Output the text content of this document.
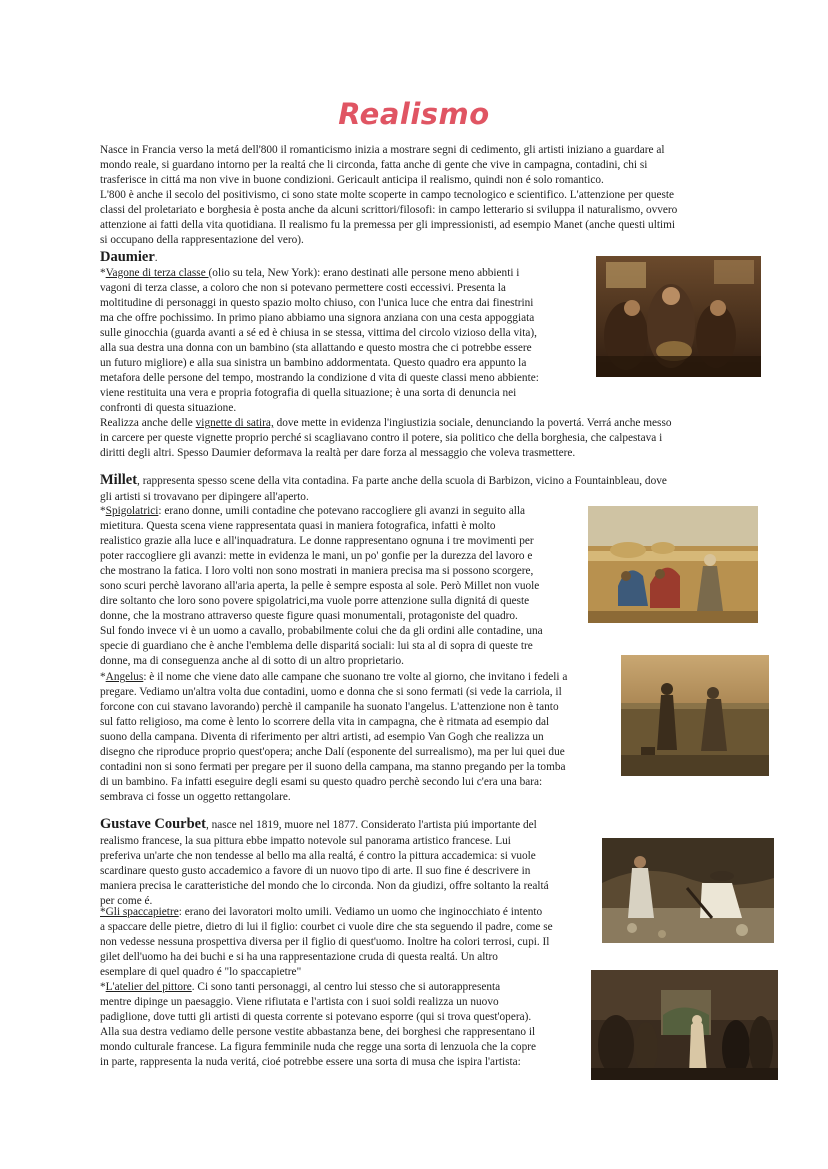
Realismo
Nasce in Francia verso la metá dell'800 il romanticismo inizia a mostrare segni di cedimento, gli artisti iniziano a guardare al
mondo reale, si guardano intorno per la realtá che li circonda, fatta anche di gente che vive in campagna, contadini, chi si
trasferisce in cittá ma non vive in buone condizioni. Gericault anticipa il realismo, quindi non é solo romantico.
L'800 è anche il secolo del positivismo, ci sono state molte scoperte in campo tecnologico e scientifico. L'attenzione per queste
classi del proletariato e borghesia è posta anche da alcuni scrittori/filosofi: in campo letterario si sviluppa il naturalismo, ovvero
attenzione ai fatti della vita quotidiana. Il realismo fu la premessa per gli impressionisti, ad esempio Manet (anche questi ultimi
si occupano della rappresentazione del vero).
Daumier.
*Vagone di terza classe (olio su tela, New York): erano destinati alle persone meno abbienti i
vagoni di terza classe, a coloro che non si potevano permettere costi eccessivi. Presenta la
moltitudine di personaggi in questo spazio molto chiuso, con l'unica luce che entra dai finestrini
ma che offre pochissimo. In primo piano abbiamo una signora anziana con una cesta appoggiata
sulle ginocchia (guarda avanti a sé ed è chiusa in se stessa, vittima del circolo vizioso della vita),
alla sua destra una donna con un bambino (sta allattando e questo mostra che ci potrebbe essere
un futuro migliore) e alla sua sinistra un bambino addormentata. Questo quadro era appunto la
metafora delle persone del tempo, mostrando la condizione d vita di queste classi meno abbiente:
viene restituita una vera e propria fotografia di quella situazione; è una sorta di denuncia nei
confronti di questa situazione.
Realizza anche delle vignette di satira, dove mette in evidenza l'ingiustizia sociale, denunciando la povertá. Verrá anche messo
in carcere per queste vignette proprio perché si scagliavano contro il potere, sia politico che della borghesia, che calpestava i
diritti degli altri. Spesso Daumier deformava la realtà per dare forza al messaggio che voleva trasmettere.
Millet, rappresenta spesso scene della vita contadina. Fa parte anche della scuola di Barbizon, vicino a Fountainbleau, dove
gli artisti si trovavano per dipingere all'aperto.
*Spigolatrici: erano donne, umili contadine che potevano raccogliere gli avanzi in seguito alla
mietitura. Questa scena viene rappresentata quasi in maniera fotografica, infatti è molto
realistico grazie alla luce e all'inquadratura. Le donne rappresentano ognuna i tre movimenti per
poter raccogliere gli avanzi: mette in evidenza le mani, un po' gonfie per la durezza del lavoro e
che mostrano la fatica. I loro volti non sono mostrati in maniera precisa ma si possono scorgere,
sono scuri perchè lavorano all'aria aperta, la pelle è sempre esposta al sole. Però Millet non vuole
dire soltanto che loro sono povere spigolatrici,ma vuole porre attenzione sulla dignitá di queste
donne, che la mostrano attraverso queste figure quasi monumentali, protagoniste del quadro.
Sul fondo invece vi è un uomo a cavallo, probabilmente colui che da gli ordini alle contadine, una
specie di guardiano che è anche l'emblema delle disparitá sociali: lui sta al di sopra di queste tre
donne, ma di conseguenza anche al di sotto di un altro proprietario.
*Angelus: è il nome che viene dato alle campane che suonano tre volte al giorno, che invitano i fedeli a
pregare. Vediamo un'altra volta due contadini, uomo e donna che si sono fermati (si vede la carriola, il
forcone con cui stavano lavorando) perchè il campanile ha suonato l'angelus. L'attenzione non è tanto
sul fatto religioso, ma come è lento lo scorrere della vita in campagna, che è ritmata ad esempio dal
suono della campana. Diventa di riferimento per altri artisti, ad esempio Van Gogh che realizza un
disegno che riproduce proprio quest'opera; anche Dalí (esponente del surrealismo), ma per lui quei due
contadini non si sono fermati per pregare per il suono della campana, ma stanno pregando per la tomba
di un bambino. Fa infatti eseguire degli esami su questo quadro perchè secondo lui c'era una bara:
sembrava ci fosse un oggetto rettangolare.
Gustave Courbet, nasce nel 1819, muore nel 1877. Considerato l'artista piú importante del
realismo francese, la sua pittura ebbe impatto notevole sul panorama artistico francese. Lui
preferiva un'arte che non tendesse al bello ma alla realtá, é contro la pittura accademica: si vuole
scardinare questo gusto accademico a favore di un nuovo tipo di arte. Il suo fine é descrivere in
maniera precisa le caratteristiche del mondo che lo circonda. Non da giudizi, offre soltanto la realtá
per come é.
*Gli spaccapietre: erano dei lavoratori molto umili. Vediamo un uomo che inginocchiato é intento
a spaccare delle pietre, dietro di lui il figlio: courbet ci vuole dire che sta seguendo il padre, come se
non vedesse nessuna prospettiva diversa per il figlio di quest'uomo. Inoltre ha colori terrosi, cupi. Il
gilet dell'uomo ha dei buchi e si ha una rappresentazione cruda di questa realtá. Un altro
esemplare di quel quadro é "lo spaccapietre"
*L'atelier del pittore. Ci sono tanti personaggi, al centro lui stesso che si autorappresenta
mentre dipinge un paesaggio. Viene rifiutata e l'artista con i suoi soldi realizza un nuovo
padiglione, dove tutti gli artisti di questa corrente si potevano esporre (qui si trova quest'opera).
Alla sua destra vediamo delle persone vestite abbastanza bene, dei borghesi che rappresentano il
mondo culturale francese. La figura femminile nuda che regge una sorta di lenzuola che la copre
in parte, rappresenta la nuda veritá, cioé potrebbe essere una sorta di musa che ispira l'artista:
